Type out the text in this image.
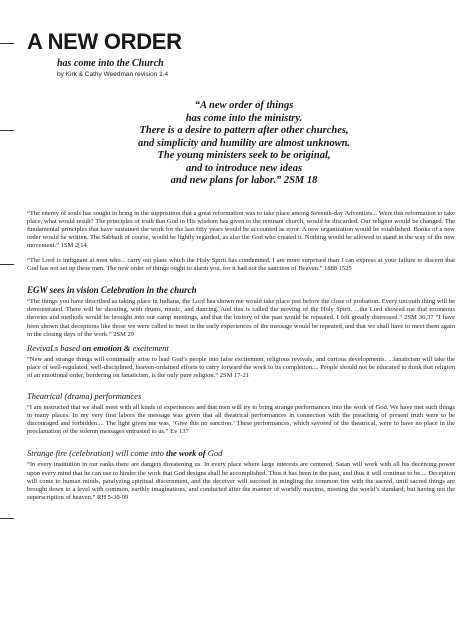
A NEW ORDER
has come into the Church
by Kirk & Cathy Weedman revision 1.4
“A new order of things
has come into the ministry.
There is a desire to pattern after other churches,
and simplicity and humility are almost unknown.
The young ministers seek to be original,
and to introduce new ideas
and new plans for labor.” 2SM 18

“The enemy of souls has sought to bring in the supposition that a great reformation was to take place among Seventh-day Adventists... Were this reformation to take place, what would result? The principles of truth that God in His wisdom has given to the remnant church, would be discarded. Our religion would be changed. The fundamental principles that have sustained the work for the last fifty years would be accounted as error. A new organization would be established. Books of a new order would be written. The Sabbath of course, would be lightly regarded, as also the God who created it. Nothing would be allowed to stand in the way of the new movement.” 1SM 2[14

“The Lord is indignant at men who... carry out plans which the Holy Spirit has condemned. I am more surprised than I can express at your failure to discern that God has not set up these men. The new order of things ought to alarm you, for it had not the sanction of Heaven.” 1888 1525

EGW sees in vision Celebration in the church

“The things you have described as taking place in Indiana, the Lord has shown me would take place just before the close of probation. Every uncouth thing will be demonstrated. There will be shouting, with drums, music, and dancing. And this is called the moving of the Holy Spirit. ...the Lord showed me that erroneous theories and methods would be brought into our camp meetings, and that the history of the past would be repeated. I felt greatly distressed.” 2SM 36,37 “I have been shown that deceptions like those we were called to meet in the early experiences of the message would be repeated, and that we shall have to meet them again in the closing days of the work.” 2SM 29

RevivaLs based on emotion & excitement

“New and strange things will continually arise to lead God’s people into false excitement, religious revivals, and curious developments. ...fanaticism will take the place of well-regulated, well-disciplined, heaven-ordained efforts to carry forward the work to its completion.... People should not be educated to think that religion of an emotional order, bordering on fanaticism, is the only pure religion.” 2SM 17-21

Theatrical (drama) performances

“I am instructed that we shall meet with all kinds of experiences and that men will try to bring strange performances into the work of God. We have met such things in many places. In my very first labors the message was given that all theatrical performances in connection with the preaching of present truth were to be discouraged and forbidden.... The light given me was, ‘Give this no sanction.’ These performances, which savored of the theatrical, were to have no place in the proclamation of the solemn messages entrusted to us.” Ev 137

Strange fire (celebration) will come into the work of God

“In every institution in our ranks there are dangers threatening us. In every place where large interests are centered, Satan will work with all his deceiving power upon every mind that he can use to hinder the work that God designs shall be accomplished. Thus it has been in the past, and thus it will continue to be.... Deception will come to human minds, paralyzing spiritual discernment, and the deceiver will succeed in mingling the common fire with the sacred, until sacred things are brought down to a level with common, earthly imaginations, and conducted after the manner of worldly maxims, meeting the world’s standard, but having not the superscription of heaven.” RH 5-30-99
